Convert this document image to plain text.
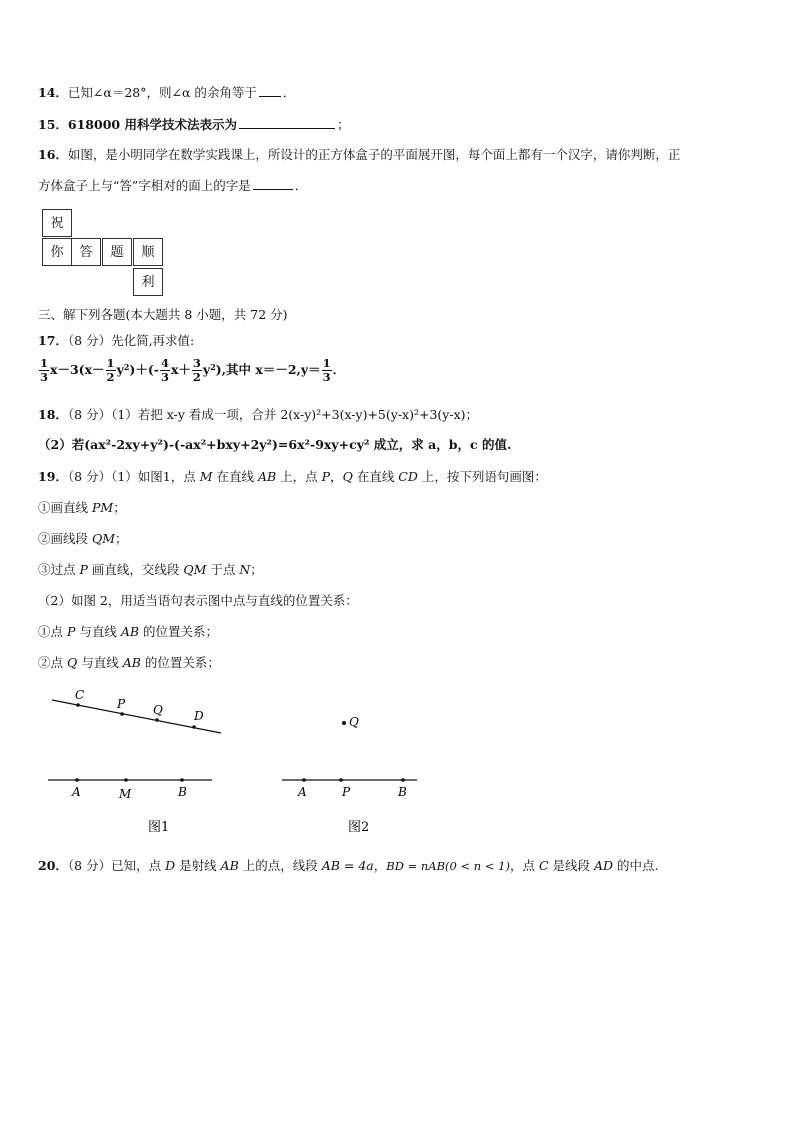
14．已知∠α＝28°，则∠α 的余角等于 ．
15．618000 用科学技术法表示为	；
16．如图，是小明同学在数学实践课上，所设计的正方体盒子的平面展开图，每个面上都有一个汉字，请你判断，正
方体盒子上与“答”字相对的面上的字是	．
祝
你	答	题	顺
利
三、解下列各题(本大题共 8 小题，共 72 分)
17．（8 分）先化简,再求值:
$\frac{1}{3} x-3(x- \frac{1}{2} y^2)+(- \frac{4}{3} x+ \frac{3}{2} y^2)$,其中 $x=-2,y= \frac{1}{3}$ ．
18．（8 分）（1）若把 x-y 看成一项，合并 2(x-y)²+3(x-y)+5(y-x)²+3(y-x)；
（2）若(ax²-2xy+y²)-(-ax²+bxy+2y²)=6x²-9xy+cy² 成立，求 a，b，c 的值.
19．（8 分）（1）如图1，点 M 在直线 AB 上，点 P，Q 在直线 CD 上，按下列语句画图：
①画直线 PM；
②画线段 QM；
③过点 P 画直线，交线段 QM 于点 N；
（2）如图 2，用适当语句表示图中点与直线的位置关系：
①点 P 与直线 AB 的位置关系；
②点 Q 与直线 AB 的位置关系；
C
P Q	D
A	M	B
图1
Q
A	P	B
图2
20．（8 分）已知，点 D 是射线 AB 上的点，线段 AB = 4a，BD = nAB(0 < n < 1)，点 C 是线段 AD 的中点.
